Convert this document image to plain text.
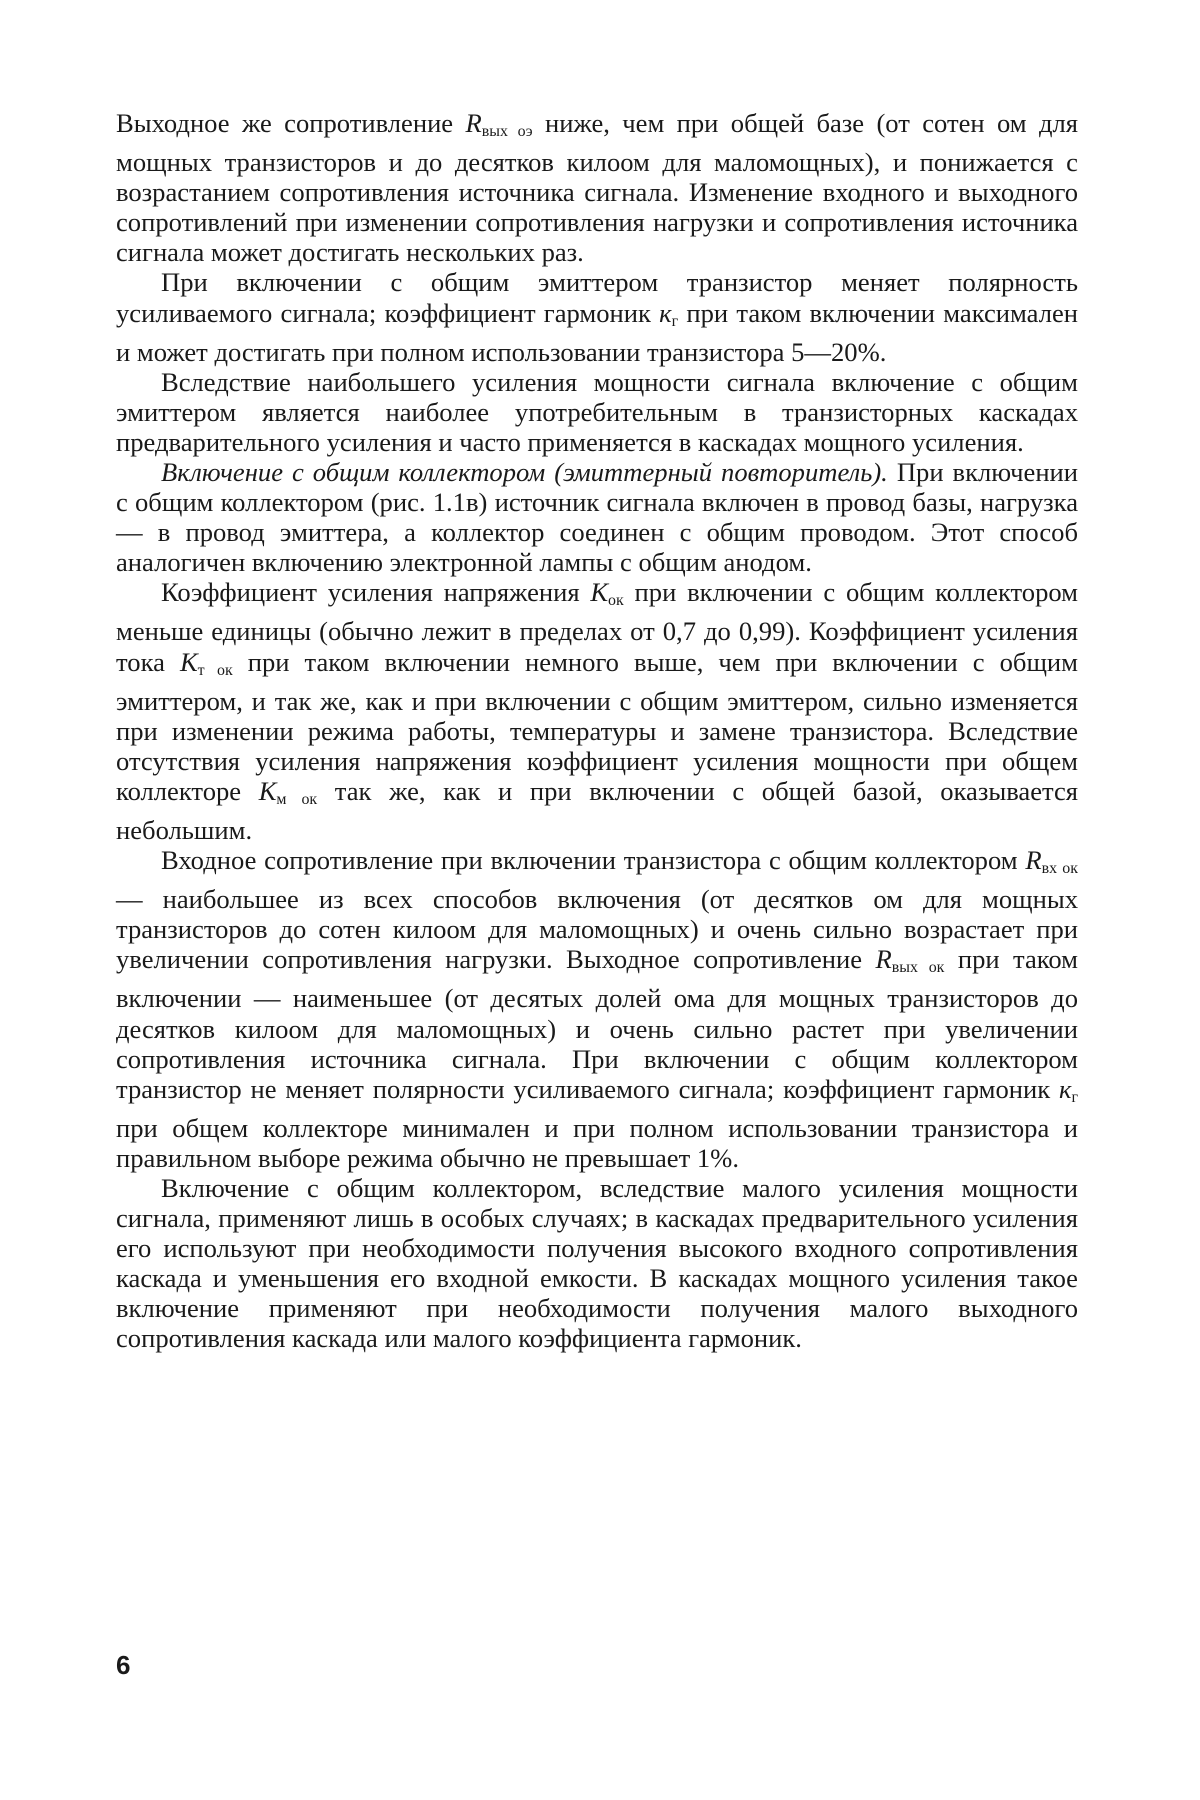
Выходное же сопротивление $R_{вых оэ}$ ниже, чем при общей базе (от сотен ом для мощных транзисторов и до десятков килоом для маломощных), и понижается с возрастанием сопротивления источника сигнала. Изменение входного и выходного сопротивлений при изменении сопротивления нагрузки и сопротивления источника сигнала может достигать нескольких раз.

При включении с общим эмиттером транзистор меняет полярность усиливаемого сигнала; коэффициент гармоник $к_г$ при таком включении максимален и может достигать при полном использовании транзистора 5—20%.

Вследствие наибольшего усиления мощности сигнала включение с общим эмиттером является наиболее употребительным в транзисторных каскадах предварительного усиления и часто применяется в каскадах мощного усиления.

Включение с общим коллектором (эмиттерный повторитель). При включении с общим коллектором (рис. 1.1в) источник сигнала включен в провод базы, нагрузка — в провод эмиттера, а коллектор соединен с общим проводом. Этот способ аналогичен включению электронной лампы с общим анодом.

Коэффициент усиления напряжения $К_{ок}$ при включении с общим коллектором меньше единицы (обычно лежит в пределах от 0,7 до 0,99). Коэффициент усиления тока $К_{т ок}$ при таком включении немного выше, чем при включении с общим эмиттером, и так же, как и при включении с общим эмиттером, сильно изменяется при изменении режима работы, температуры и замене транзистора. Вследствие отсутствия усиления напряжения коэффициент усиления мощности при общем коллекторе $К_{м ок}$ так же, как и при включении с общей базой, оказывается небольшим.

Входное сопротивление при включении транзистора с общим коллектором $R_{вх ок}$ — наибольшее из всех способов включения (от десятков ом для мощных транзисторов до сотен килоом для маломощных) и очень сильно возрастает при увеличении сопротивления нагрузки. Выходное сопротивление $R_{вых ок}$ при таком включении — наименьшее (от десятых долей ома для мощных транзисторов до десятков килоом для маломощных) и очень сильно растет при увеличении сопротивления источника сигнала. При включении с общим коллектором транзистор не меняет полярности усиливаемого сигнала; коэффициент гармоник $к_г$ при общем коллекторе минимален и при полном использовании транзистора и правильном выборе режима обычно не превышает 1%.

Включение с общим коллектором, вследствие малого усиления мощности сигнала, применяют лишь в особых случаях; в каскадах предварительного усиления его используют при необходимости получения высокого входного сопротивления каскада и уменьшения его входной емкости. В каскадах мощного усиления такое включение применяют при необходимости получения малого выходного сопротивления каскада или малого коэффициента гармоник.

6
